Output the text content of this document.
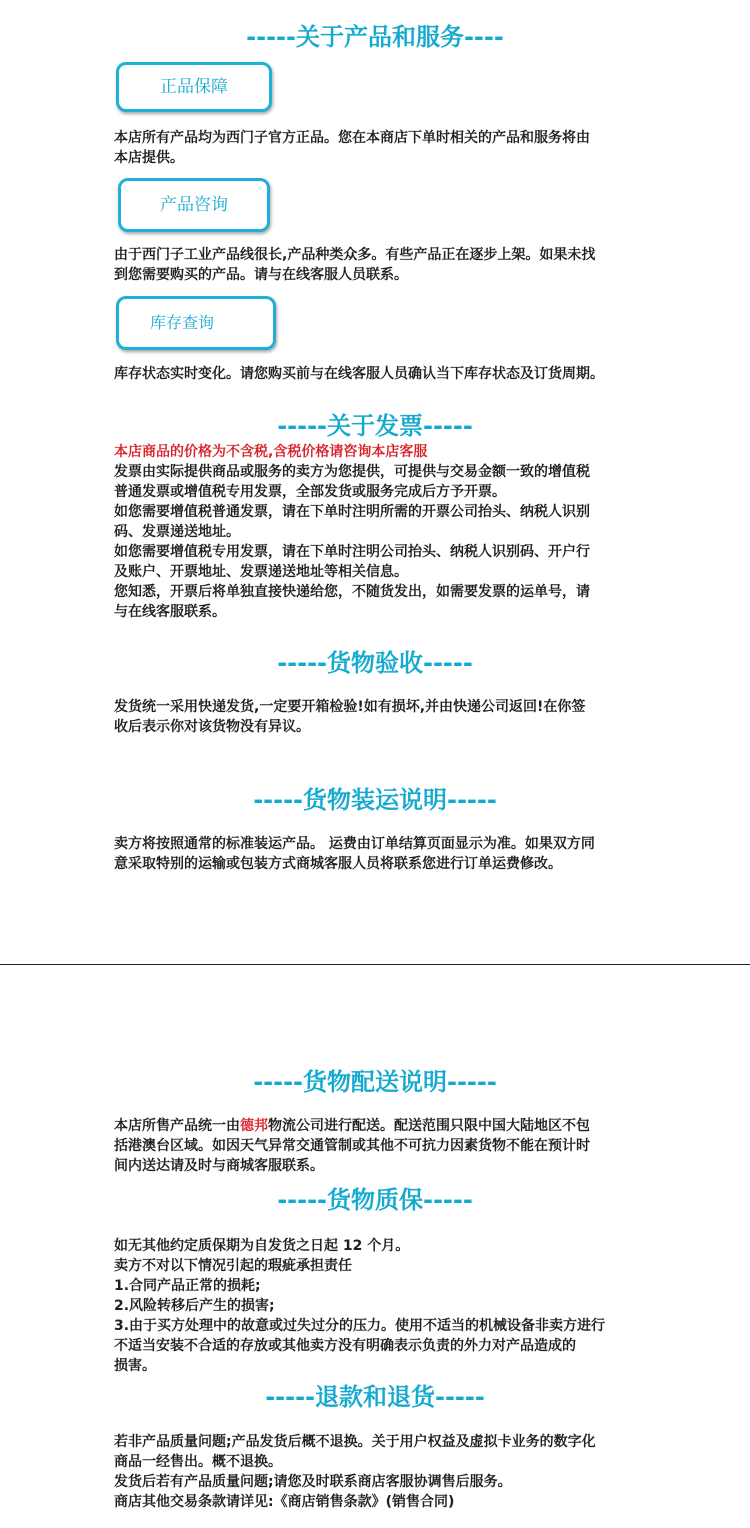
-----关于产品和服务----
正品保障
本店所有产品均为西门子官方正品。您在本商店下单时相关的产品和服务将由
本店提供。
产品咨询
由于西门子工业产品线很长,产品种类众多。有些产品正在逐步上架。如果未找
到您需要购买的产品。请与在线客服人员联系。
库存查询
库存状态实时变化。请您购买前与在线客服人员确认当下库存状态及订货周期。
-----关于发票-----
本店商品的价格为不含税,含税价格请咨询本店客服
发票由实际提供商品或服务的卖方为您提供，可提供与交易金额一致的增值税
普通发票或增值税专用发票，全部发货或服务完成后方予开票。
如您需要增值税普通发票，请在下单时注明所需的开票公司抬头、纳税人识别
码、发票递送地址。
如您需要增值税专用发票，请在下单时注明公司抬头、纳税人识别码、开户行
及账户、开票地址、发票递送地址等相关信息。
您知悉，开票后将单独直接快递给您，不随货发出，如需要发票的运单号，请
与在线客服联系。
-----货物验收-----
发货统一采用快递发货,一定要开箱检验!如有损坏,并由快递公司返回!在你签
收后表示你对该货物没有异议。
-----货物装运说明-----
卖方将按照通常的标准装运产品。 运费由订单结算页面显示为准。如果双方同
意采取特别的运输或包装方式商城客服人员将联系您进行订单运费修改。
-----货物配送说明-----
本店所售产品统一由德邦物流公司进行配送。配送范围只限中国大陆地区不包
括港澳台区域。如因天气异常交通管制或其他不可抗力因素货物不能在预计时
间内送达请及时与商城客服联系。
-----货物质保-----
如无其他约定质保期为自发货之日起 12 个月。
卖方不对以下情况引起的瑕疵承担责任
1.合同产品正常的损耗;
2.风险转移后产生的损害;
3.由于买方处理中的故意或过失过分的压力。使用不适当的机械设备非卖方进行
不适当安装不合适的存放或其他卖方没有明确表示负责的外力对产品造成的
损害。
-----退款和退货-----
若非产品质量问题;产品发货后概不退换。关于用户权益及虚拟卡业务的数字化
商品一经售出。概不退换。
发货后若有产品质量问题;请您及时联系商店客服协调售后服务。
商店其他交易条款请详见:《商店销售条款》(销售合同)
